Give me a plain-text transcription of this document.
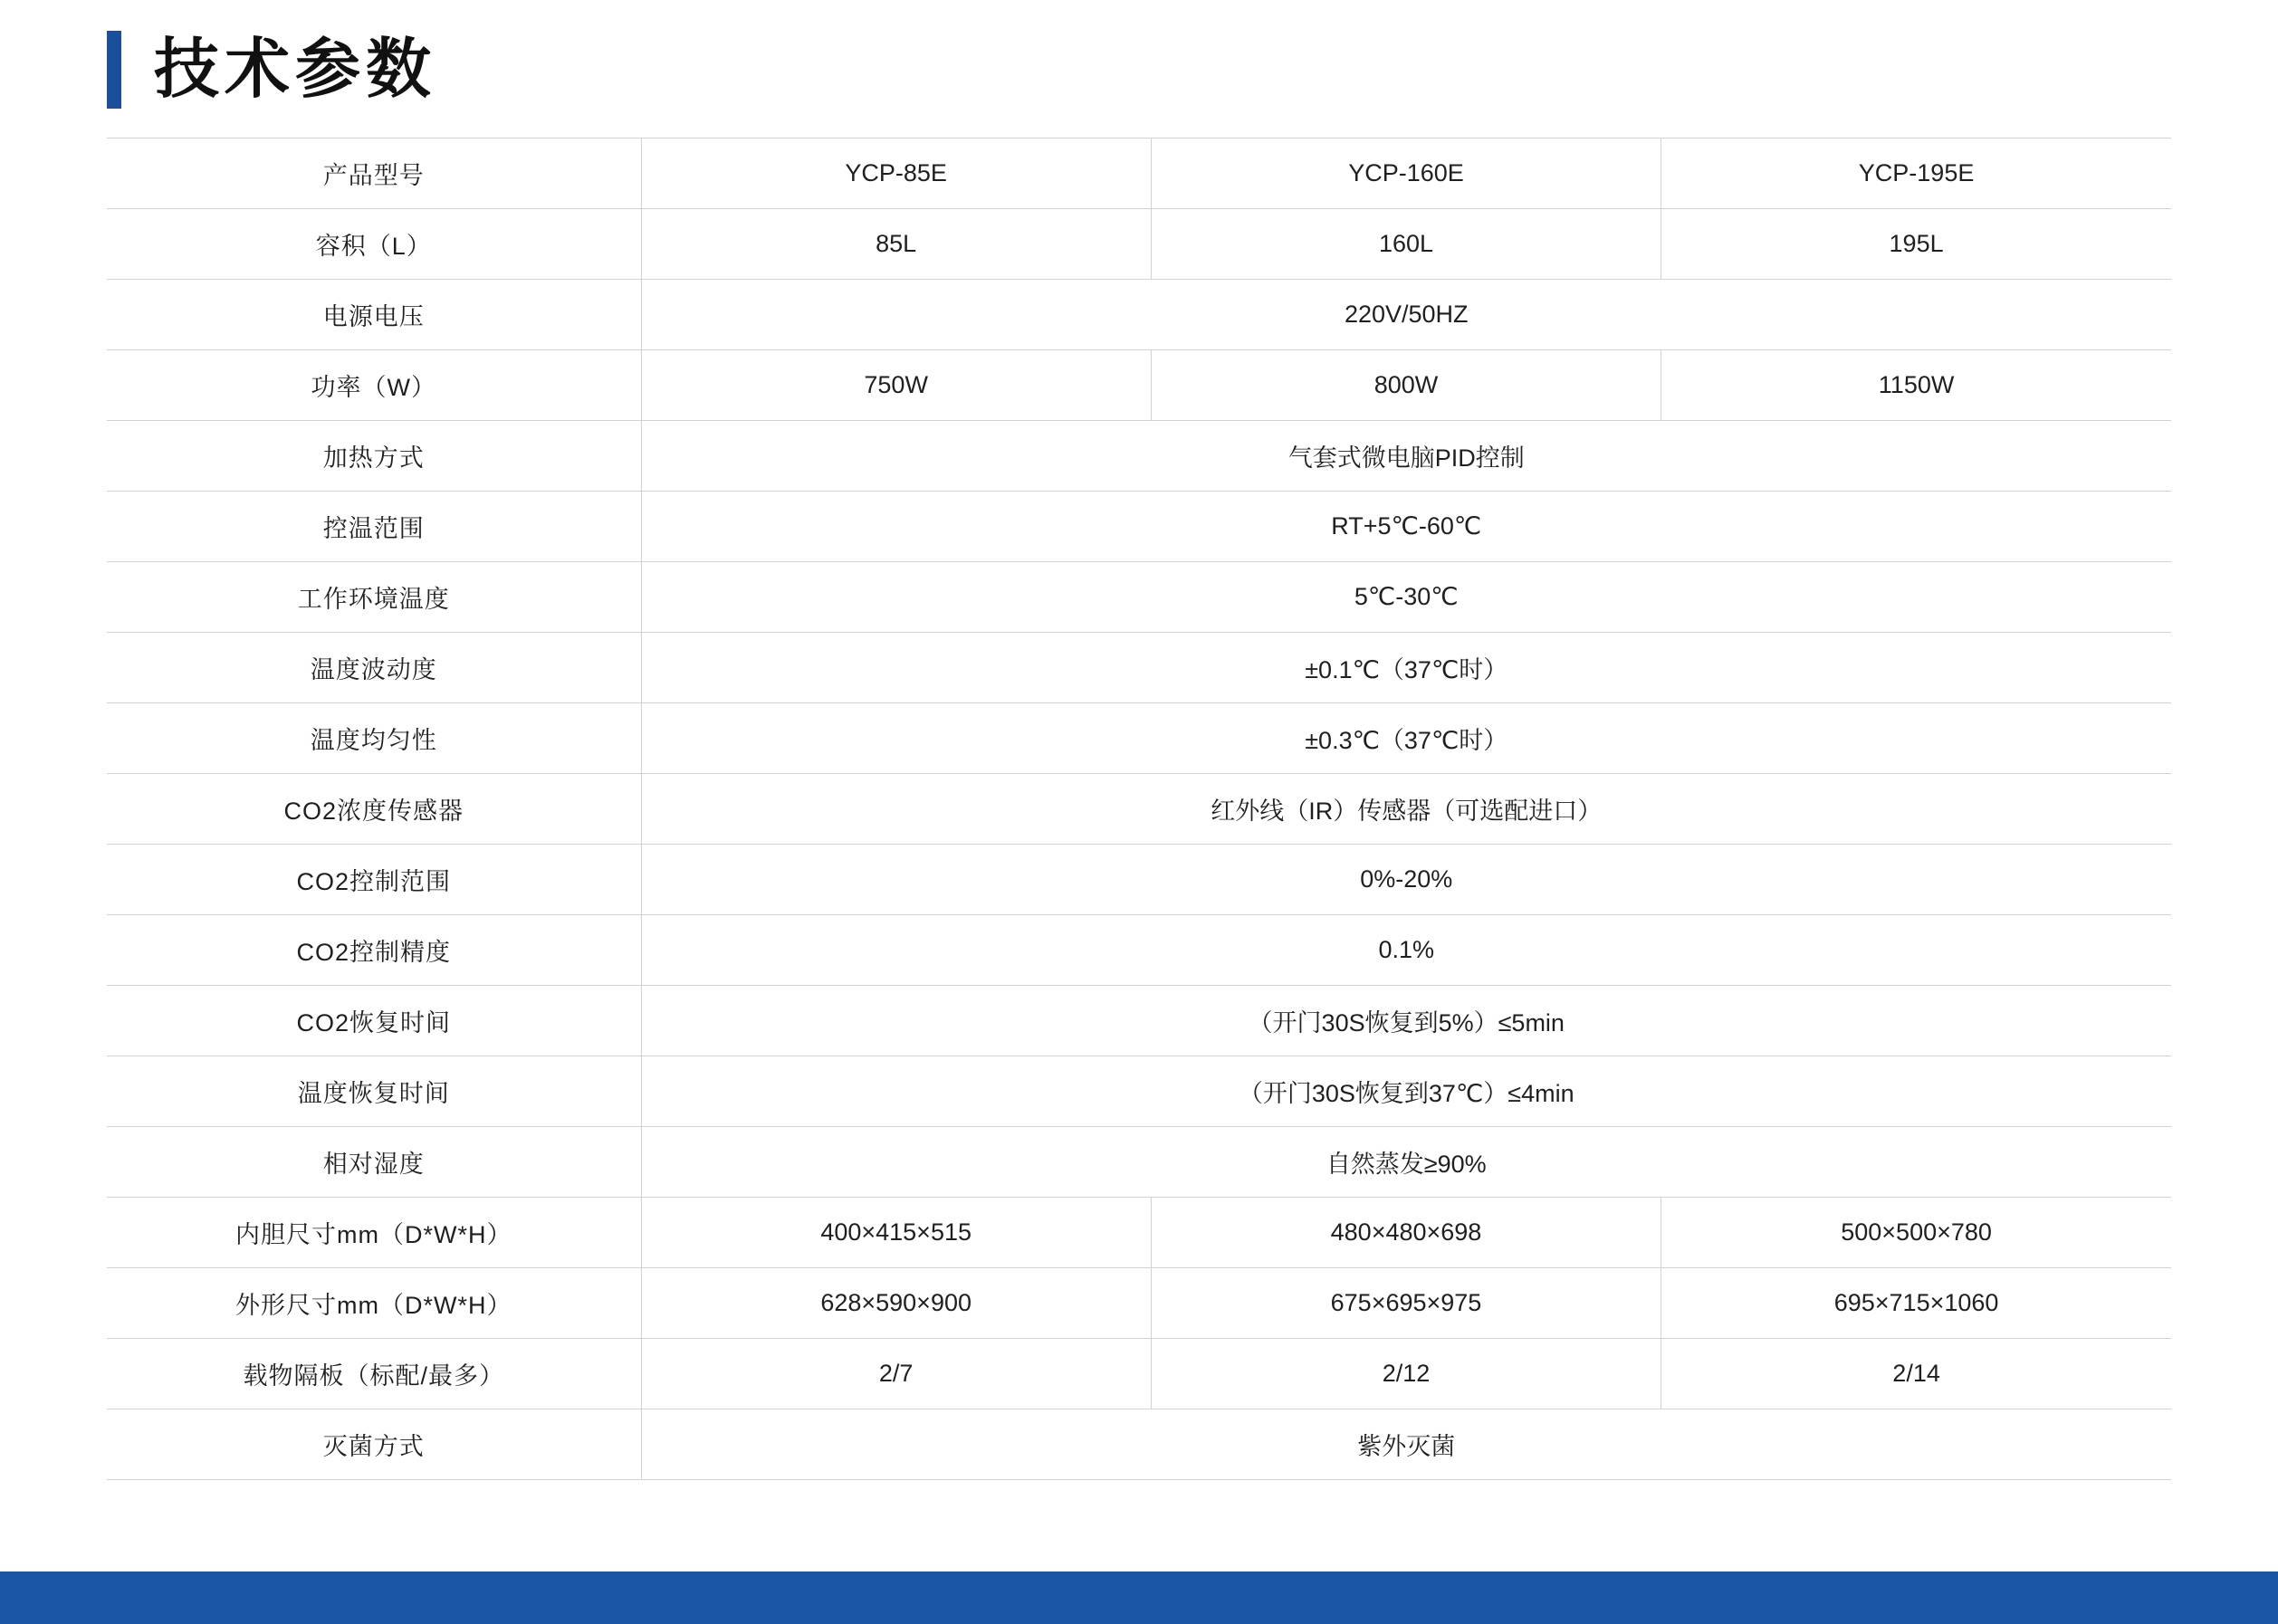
技术参数
产品型号	YCP-85E	YCP-160E	YCP-195E
容积（L）	85L	160L	195L
电源电压	220V/50HZ		
功率（W）	750W	800W	1150W
加热方式	气套式微电脑PID控制		
控温范围	RT+5℃-60℃		
工作环境温度	5℃-30℃		
温度波动度	±0.1℃（37℃时）		
温度均匀性	±0.3℃（37℃时）		
CO2浓度传感器	红外线（IR）传感器（可选配进口）		
CO2控制范围	0%-20%		
CO2控制精度	0.1%		
CO2恢复时间	（开门30S恢复到5%）≤5min		
温度恢复时间	（开门30S恢复到37℃）≤4min		
相对湿度	自然蒸发≥90%		
内胆尺寸mm（D*W*H）	400×415×515	480×480×698	500×500×780
外形尺寸mm（D*W*H）	628×590×900	675×695×975	695×715×1060
载物隔板（标配/最多）	2/7	2/12	2/14
灭菌方式	紫外灭菌		
